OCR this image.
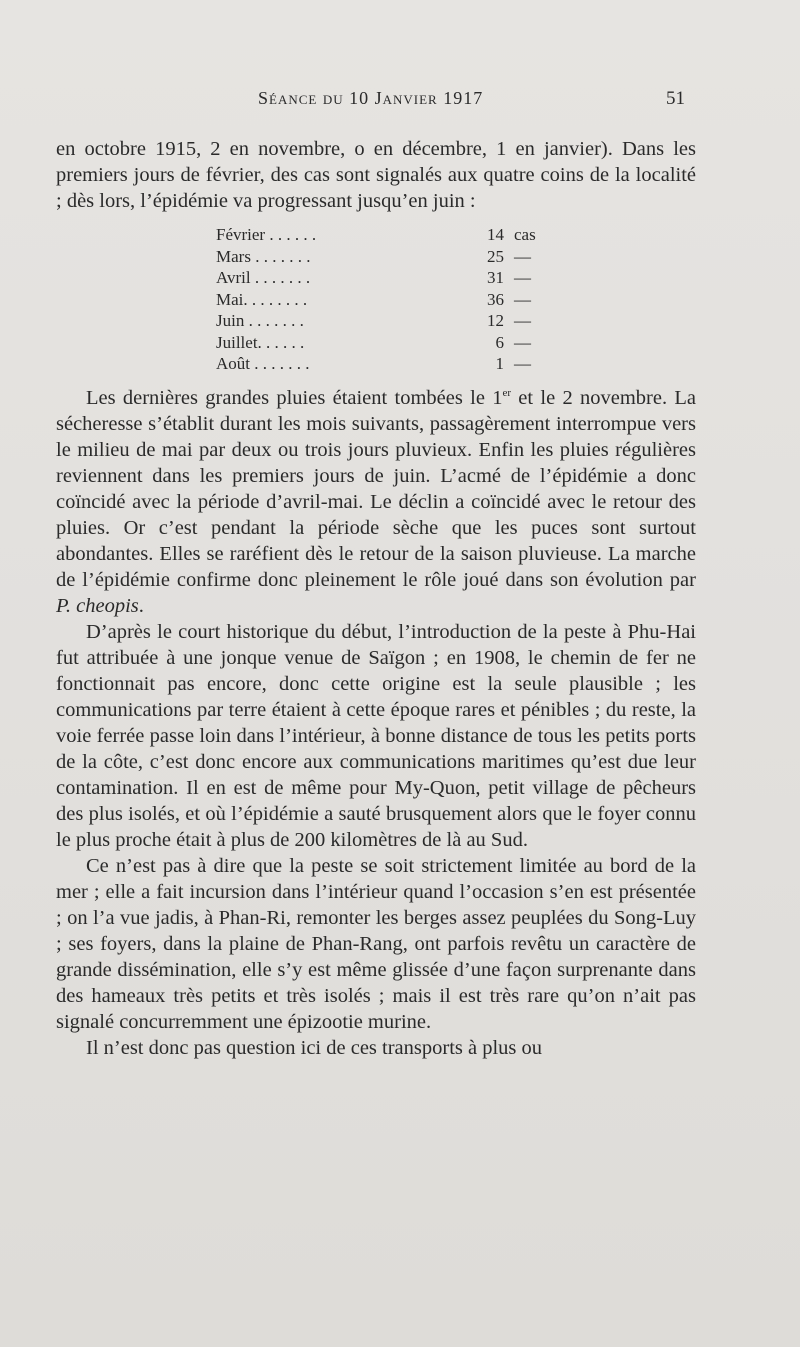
Séance du 10 Janvier 1917	51

en octobre 1915, 2 en novembre, o en décembre, 1 en janvier). Dans les premiers jours de février, des cas sont signalés aux quatre coins de la localité ; dès lors, l’épidémie va progressant jusqu’en juin :

Février . . . . . .	14 cas
Mars . . . . . . .	25 —
Avril . . . . . . .	31 —
Mai. . . . . . . .	36 —
Juin . . . . . . .	12 —
Juillet. . . . . .	6 —
Août . . . . . . .	1 —

Les dernières grandes pluies étaient tombées le 1er et le 2 novembre. La sécheresse s’établit durant les mois suivants, passagèrement interrompue vers le milieu de mai par deux ou trois jours pluvieux. Enfin les pluies régulières reviennent dans les premiers jours de juin. L’acmé de l’épidémie a donc coïncidé avec la période d’avril-mai. Le déclin a coïncidé avec le retour des pluies. Or c’est pendant la période sèche que les puces sont surtout abondantes. Elles se raréfient dès le retour de la saison pluvieuse. La marche de l’épidémie confirme donc pleinement le rôle joué dans son évolution par P. cheopis.

D’après le court historique du début, l’introduction de la peste à Phu-Hai fut attribuée à une jonque venue de Saïgon ; en 1908, le chemin de fer ne fonctionnait pas encore, donc cette origine est la seule plausible ; les communications par terre étaient à cette époque rares et pénibles ; du reste, la voie ferrée passe loin dans l’intérieur, à bonne distance de tous les petits ports de la côte, c’est donc encore aux communications maritimes qu’est due leur contamination. Il en est de même pour My-Quon, petit village de pêcheurs des plus isolés, et où l’épidémie a sauté brusquement alors que le foyer connu le plus proche était à plus de 200 kilomètres de là au Sud.

Ce n’est pas à dire que la peste se soit strictement limitée au bord de la mer ; elle a fait incursion dans l’intérieur quand l’occasion s’en est présentée ; on l’a vue jadis, à Phan-Ri, remonter les berges assez peuplées du Song-Luy ; ses foyers, dans la plaine de Phan-Rang, ont parfois revêtu un caractère de grande dissémination, elle s’y est même glissée d’une façon surprenante dans des hameaux très petits et très isolés ; mais il est très rare qu’on n’ait pas signalé concurremment une épizootie murine.

Il n’est donc pas question ici de ces transports à plus ou
